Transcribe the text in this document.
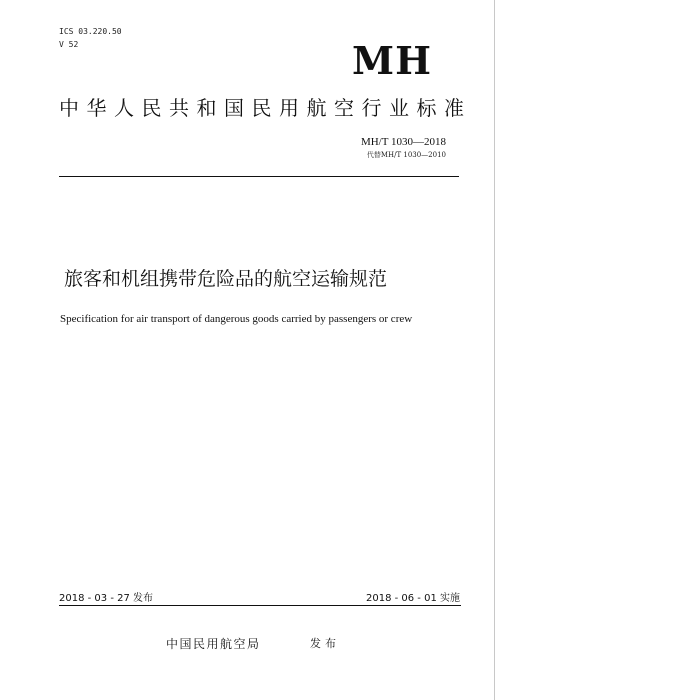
ICS 03.220.50
V 52	MH
中华人民共和国民用航空行业标准
MH/T 1030—2018
代替MH/T 1030—2010
旅客和机组携带危险品的航空运输规范
Specification for air transport of dangerous goods carried by passengers or crew
2018 - 03 - 27 发布	2018 - 06 - 01 实施
中国民用航空局	发布
